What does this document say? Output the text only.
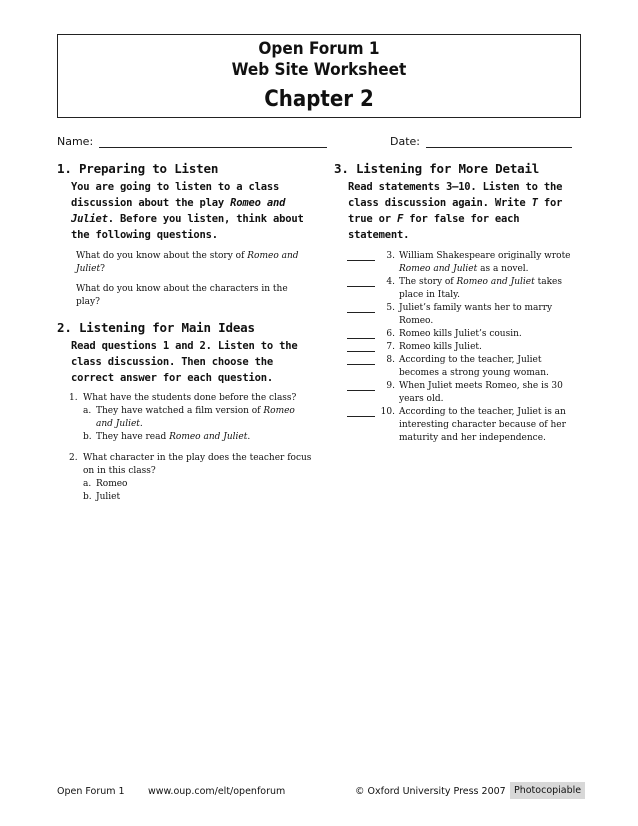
Open Forum 1
Web Site Worksheet
Chapter 2
Name:	Date:
1. Preparing to Listen
You are going to listen to a class discussion about the play Romeo and Juliet. Before you listen, think about the following questions.

What do you know about the story of Romeo and Juliet?

What do you know about the characters in the play?

2. Listening for Main Ideas
Read questions 1 and 2. Listen to the class discussion. Then choose the correct answer for each question.
1. What have the students done before the class?
a. They have watched a film version of Romeo and Juliet.
b. They have read Romeo and Juliet.
2. What character in the play does the teacher focus on in this class?
a. Romeo
b. Juliet
3. Listening for More Detail
Read statements 3–10. Listen to the class discussion again. Write T for true or F for false for each statement.
3. William Shakespeare originally wrote Romeo and Juliet as a novel.
4. The story of Romeo and Juliet takes place in Italy.
5. Juliet’s family wants her to marry Romeo.
6. Romeo kills Juliet’s cousin.
7. Romeo kills Juliet.
8. According to the teacher, Juliet becomes a strong young woman.
9. When Juliet meets Romeo, she is 30 years old.
10. According to the teacher, Juliet is an interesting character because of her maturity and her independence.
Open Forum 1 www.oup.com/elt/openforum	© Oxford University Press 2007 Photocopiable
